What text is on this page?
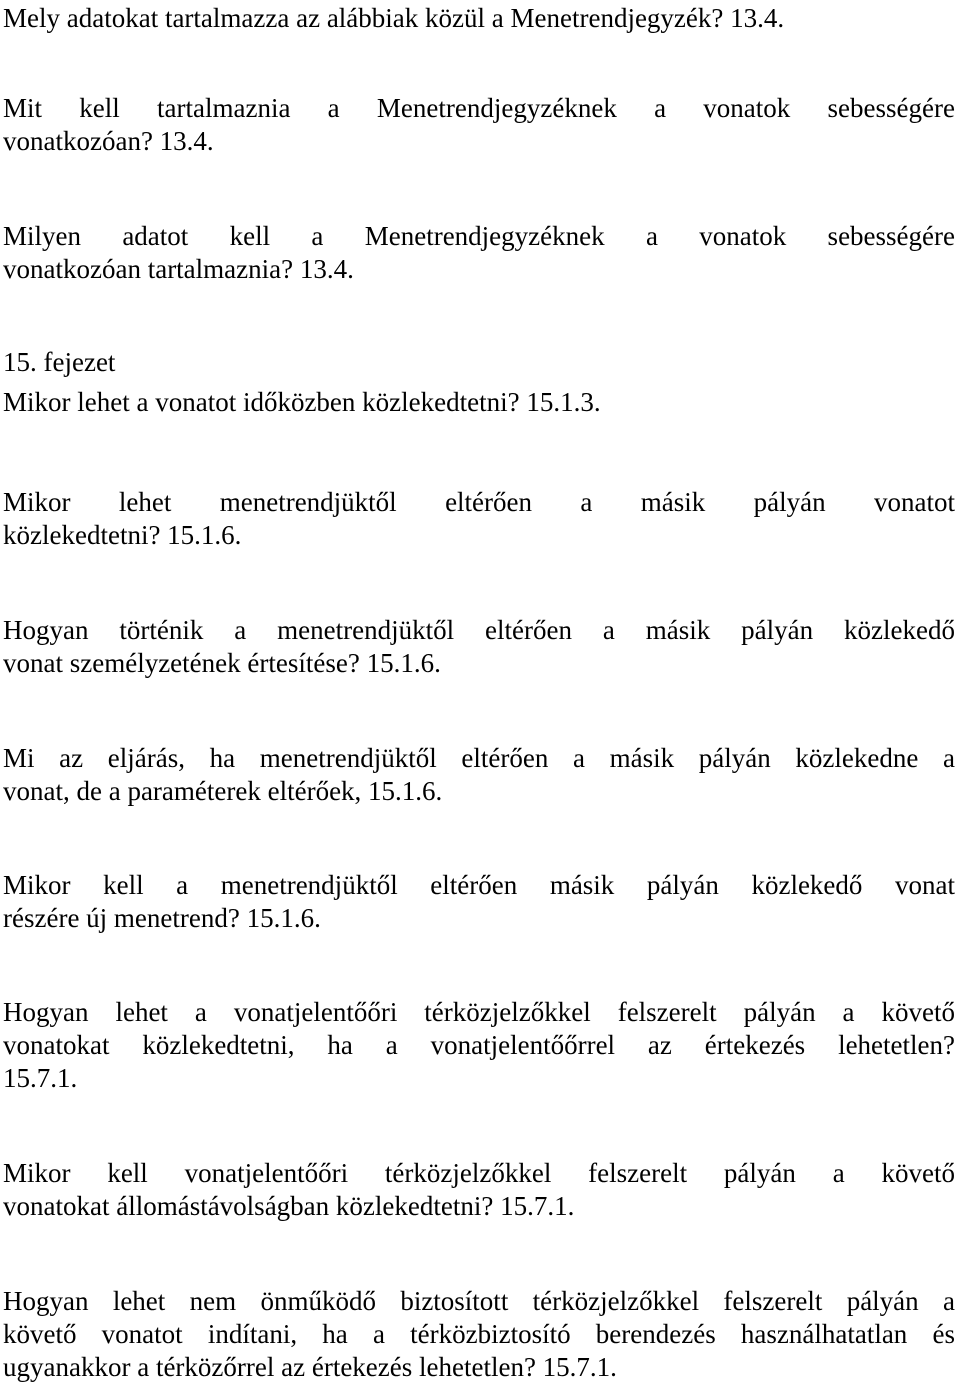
Mely adatokat tartalmazza az alábbiak közül a Menetrendjegyzék? 13.4.
Mit kell tartalmaznia a Menetrendjegyzéknek a vonatok sebességére
vonatkozóan? 13.4.
Milyen adatot kell a Menetrendjegyzéknek a vonatok sebességére
vonatkozóan tartalmaznia? 13.4.
15. fejezet
Mikor lehet a vonatot időközben közlekedtetni? 15.1.3.
Mikor lehet menetrendjüktől eltérően a másik pályán vonatot
közlekedtetni? 15.1.6.
Hogyan történik a menetrendjüktől eltérően a másik pályán közlekedő
vonat személyzetének értesítése? 15.1.6.
Mi az eljárás, ha menetrendjüktől eltérően a másik pályán közlekedne a
vonat, de a paraméterek eltérőek, 15.1.6.
Mikor kell a menetrendjüktől eltérően másik pályán közlekedő vonat
részére új menetrend? 15.1.6.
Hogyan lehet a vonatjelentőőri térközjelzőkkel felszerelt pályán a követő
vonatokat közlekedtetni, ha a vonatjelentőőrrel az értekezés lehetetlen?
15.7.1.
Mikor kell vonatjelentőőri térközjelzőkkel felszerelt pályán a követő
vonatokat állomástávolságban közlekedtetni? 15.7.1.
Hogyan lehet nem önműködő biztosított térközjelzőkkel felszerelt pályán a
követő vonatot indítani, ha a térközbiztosító berendezés használhatatlan és
ugyanakkor a térközőrrel az értekezés lehetetlen? 15.7.1.
